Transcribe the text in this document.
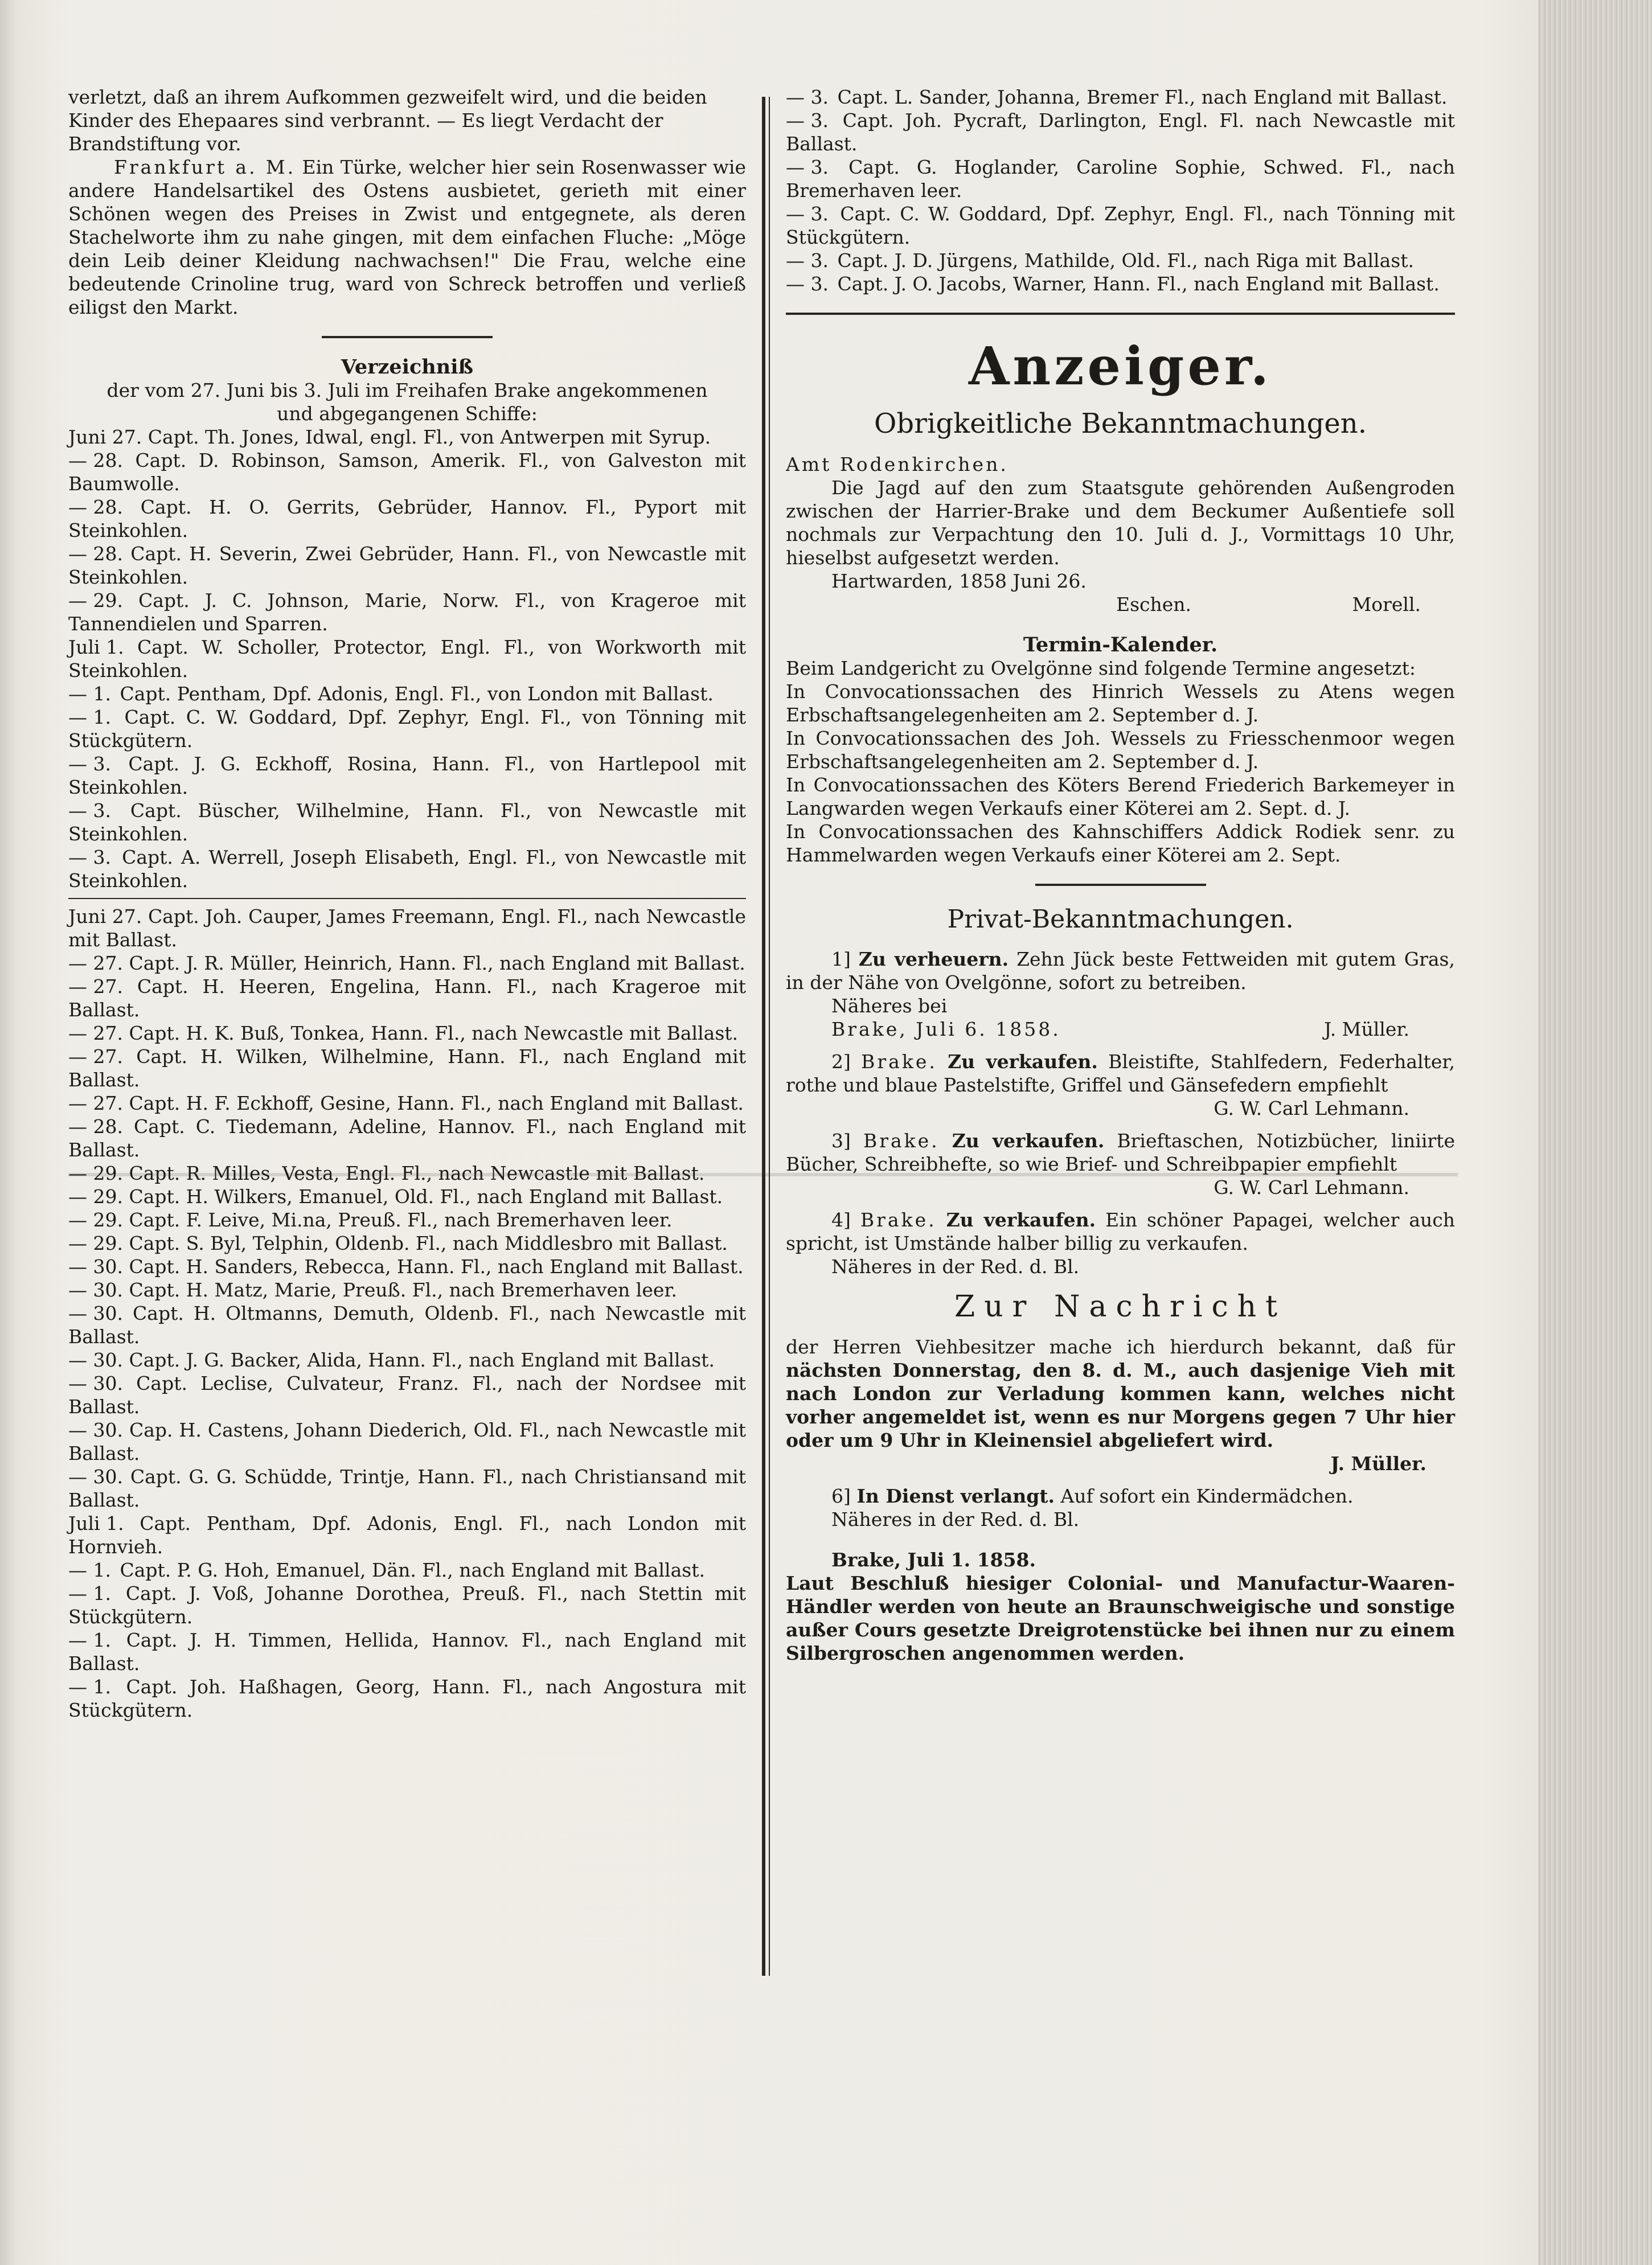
verletzt, daß an ihrem Aufkommen gezweifelt wird, und die beiden

Kinder des Ehepaares sind verbrannt. — Es liegt Verdacht der

Brandstiftung vor.

Frankfurt a. M. Ein Türke, welcher hier sein Rosenwasser wie andere Handelsartikel des Ostens ausbietet, gerieth mit einer Schönen wegen des Preises in Zwist und entgegnete, als deren Stachelworte ihm zu nahe gingen, mit dem einfachen Fluche: „Möge dein Leib deiner Kleidung nachwachsen!" Die Frau, welche eine bedeutende Crinoline trug, ward von Schreck betroffen und verließ eiligst den Markt.

Verzeichniß

der vom 27. Juni bis 3. Juli im Freihafen Brake angekommenen

und abgegangenen Schiffe:

Juni 27. Capt. Th. Jones, Idwal, engl. Fl., von Antwerpen mit Syrup.

— 28. Capt. D. Robinson, Samson, Amerik. Fl., von Galveston mit Baumwolle.

— 28. Capt. H. O. Gerrits, Gebrüder, Hannov. Fl., Pyport mit Steinkohlen.

— 28. Capt. H. Severin, Zwei Gebrüder, Hann. Fl., von Newcastle mit Steinkohlen.

— 29. Capt. J. C. Johnson, Marie, Norw. Fl., von Krageroe mit Tannendielen und Sparren.

Juli 1. Capt. W. Scholler, Protector, Engl. Fl., von Workworth mit Steinkohlen.

— 1. Capt. Pentham, Dpf. Adonis, Engl. Fl., von London mit Ballast.

— 1. Capt. C. W. Goddard, Dpf. Zephyr, Engl. Fl., von Tönning mit Stückgütern.

— 3. Capt. J. G. Eckhoff, Rosina, Hann. Fl., von Hartlepool mit Steinkohlen.

— 3. Capt. Büscher, Wilhelmine, Hann. Fl., von Newcastle mit Steinkohlen.

— 3. Capt. A. Werrell, Joseph Elisabeth, Engl. Fl., von Newcastle mit Steinkohlen.

Juni 27. Capt. Joh. Cauper, James Freemann, Engl. Fl., nach Newcastle mit Ballast.

— 27. Capt. J. R. Müller, Heinrich, Hann. Fl., nach England mit Ballast.

— 27. Capt. H. Heeren, Engelina, Hann. Fl., nach Krageroe mit Ballast.

— 27. Capt. H. K. Buß, Tonkea, Hann. Fl., nach Newcastle mit Ballast.

— 27. Capt. H. Wilken, Wilhelmine, Hann. Fl., nach England mit Ballast.

— 27. Capt. H. F. Eckhoff, Gesine, Hann. Fl., nach England mit Ballast.

— 28. Capt. C. Tiedemann, Adeline, Hannov. Fl., nach England mit Ballast.

— 29. Capt. R. Milles, Vesta, Engl. Fl., nach Newcastle mit Ballast.

— 29. Capt. H. Wilkers, Emanuel, Old. Fl., nach England mit Ballast.

— 29. Capt. F. Leive, Mi.na, Preuß. Fl., nach Bremerhaven leer.

— 29. Capt. S. Byl, Telphin, Oldenb. Fl., nach Middlesbro mit Ballast.

— 30. Capt. H. Sanders, Rebecca, Hann. Fl., nach England mit Ballast.

— 30. Capt. H. Matz, Marie, Preuß. Fl., nach Bremerhaven leer.

— 30. Capt. H. Oltmanns, Demuth, Oldenb. Fl., nach Newcastle mit Ballast.

— 30. Capt. J. G. Backer, Alida, Hann. Fl., nach England mit Ballast.

— 30. Capt. Leclise, Culvateur, Franz. Fl., nach der Nordsee mit Ballast.

— 30. Cap. H. Castens, Johann Diederich, Old. Fl., nach Newcastle mit Ballast.

— 30. Capt. G. G. Schüdde, Trintje, Hann. Fl., nach Christiansand mit Ballast.

Juli 1. Capt. Pentham, Dpf. Adonis, Engl. Fl., nach London mit Hornvieh.

— 1. Capt. P. G. Hoh, Emanuel, Dän. Fl., nach England mit Ballast.

— 1. Capt. J. Voß, Johanne Dorothea, Preuß. Fl., nach Stettin mit Stückgütern.

— 1. Capt. J. H. Timmen, Hellida, Hannov. Fl., nach England mit Ballast.

— 1. Capt. Joh. Haßhagen, Georg, Hann. Fl., nach Angostura mit Stückgütern.

— 3. Capt. L. Sander, Johanna, Bremer Fl., nach England mit Ballast.

— 3. Capt. Joh. Pycraft, Darlington, Engl. Fl. nach Newcastle mit Ballast.

— 3. Capt. G. Hoglander, Caroline Sophie, Schwed. Fl., nach Bremerhaven leer.

— 3. Capt. C. W. Goddard, Dpf. Zephyr, Engl. Fl., nach Tönning mit Stückgütern.

— 3. Capt. J. D. Jürgens, Mathilde, Old. Fl., nach Riga mit Ballast.

— 3. Capt. J. O. Jacobs, Warner, Hann. Fl., nach England mit Ballast.

Anzeiger.

Obrigkeitliche Bekanntmachungen.

Amt Rodenkirchen.

Die Jagd auf den zum Staatsgute gehörenden Außengroden zwischen der Harrier-Brake und dem Beckumer Außentiefe soll nochmals zur Verpachtung den 10. Juli d. J., Vormittags 10 Uhr, hieselbst aufgesetzt werden.

Hartwarden, 1858 Juni 26.

Eschen.	Morell.

Termin-Kalender.

Beim Landgericht zu Ovelgönne sind folgende Termine angesetzt:

In Convocationssachen des Hinrich Wessels zu Atens wegen Erbschaftsangelegenheiten am 2. September d. J.

In Convocationssachen des Joh. Wessels zu Friesschenmoor wegen Erbschaftsangelegenheiten am 2. September d. J.

In Convocationssachen des Köters Berend Friederich Barkemeyer in Langwarden wegen Verkaufs einer Köterei am 2. Sept. d. J.

In Convocationssachen des Kahnschiffers Addick Rodiek senr. zu Hammelwarden wegen Verkaufs einer Köterei am 2. Sept.

Privat-Bekanntmachungen.

1] Zu verheuern. Zehn Jück beste Fettweiden mit gutem Gras, in der Nähe von Ovelgönne, sofort zu betreiben.

Näheres bei

Brake, Juli 6. 1858.	J. Müller.

2] Brake. Zu verkaufen. Bleistifte, Stahlfedern, Federhalter, rothe und blaue Pastelstifte, Griffel und Gänsefedern empfiehlt

G. W. Carl Lehmann.

3] Brake. Zu verkaufen. Brieftaschen, Notizbücher, liniirte Bücher, Schreibhefte, so wie Brief- und Schreibpapier empfiehlt

G. W. Carl Lehmann.

4] Brake. Zu verkaufen. Ein schöner Papagei, welcher auch spricht, ist Umstände halber billig zu verkaufen.

Näheres in der Red. d. Bl.

Zur Nachricht

der Herren Viehbesitzer mache ich hierdurch bekannt, daß für nächsten Donnerstag, den 8. d. M., auch dasjenige Vieh mit nach London zur Verladung kommen kann, welches nicht vorher angemeldet ist, wenn es nur Morgens gegen 7 Uhr hier oder um 9 Uhr in Kleinensiel abgeliefert wird.

J. Müller.

6] In Dienst verlangt. Auf sofort ein Kindermädchen.

Näheres in der Red. d. Bl.

Brake, Juli 1. 1858.

Laut Beschluß hiesiger Colonial- und Manufactur-Waaren-Händler werden von heute an Braunschweigische und sonstige außer Cours gesetzte Dreigrotenstücke bei ihnen nur zu einem Silbergroschen angenommen werden.
